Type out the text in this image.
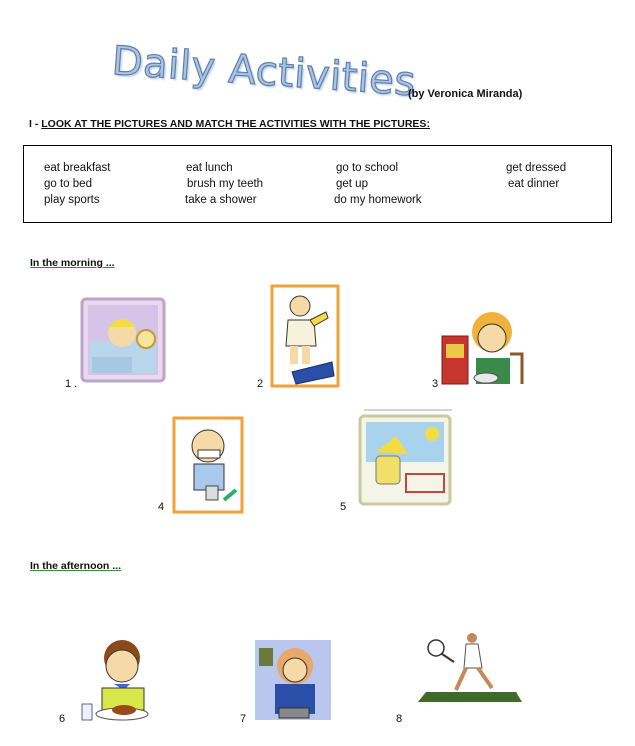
Daily Activities
(by Veronica Miranda)
I - LOOK AT THE PICTURES AND MATCH THE ACTIVITIES WITH THE PICTURES:
eat breakfast	eat lunch	go to school	get dressed
go to bed	brush my teeth	get up	eat dinner
play sports	take a shower	do my homework
In the morning ...
1 .	2	3
4	5
In the afternoon ...
6	7	8
